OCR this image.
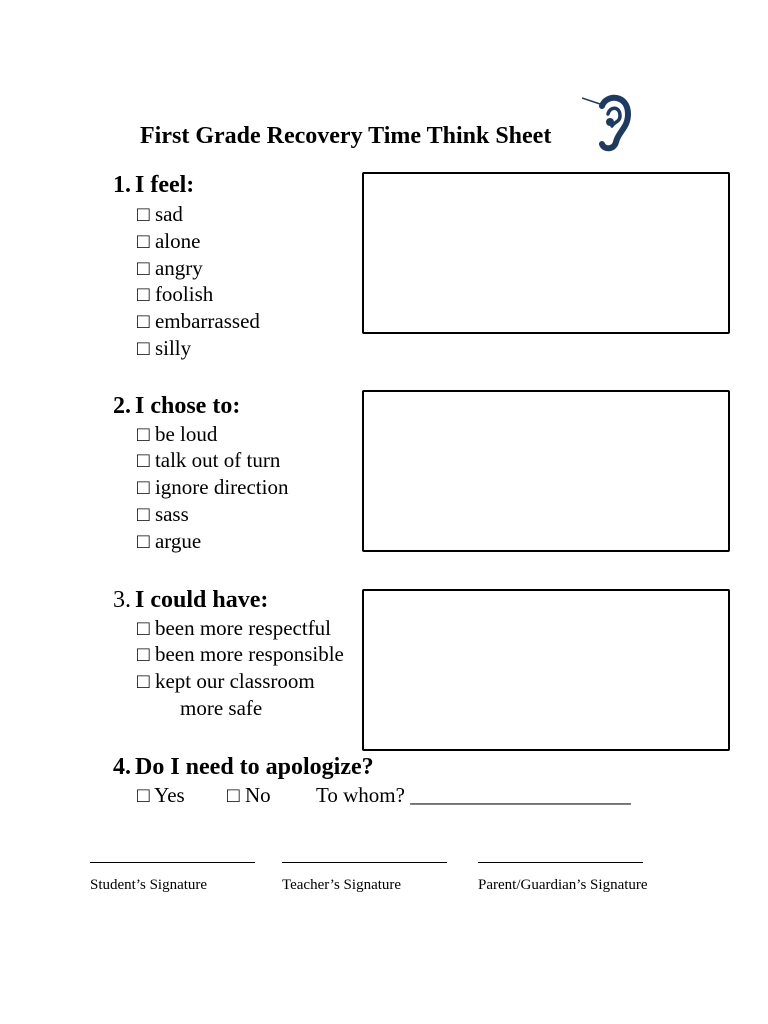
First Grade Recovery Time Think Sheet
1. I feel:
□ sad
□ alone
□ angry
□ foolish
□ embarrassed
□ silly
2. I chose to:
□ be loud
□ talk out of turn
□ ignore direction
□ sass
□ argue
3. I could have:
□ been more respectful
□ been more responsible
□ kept our classroom
more safe
4. Do I need to apologize?
□ Yes □ No To whom? _____________________
Student’s Signature	Teacher’s Signature	Parent/Guardian’s Signature
